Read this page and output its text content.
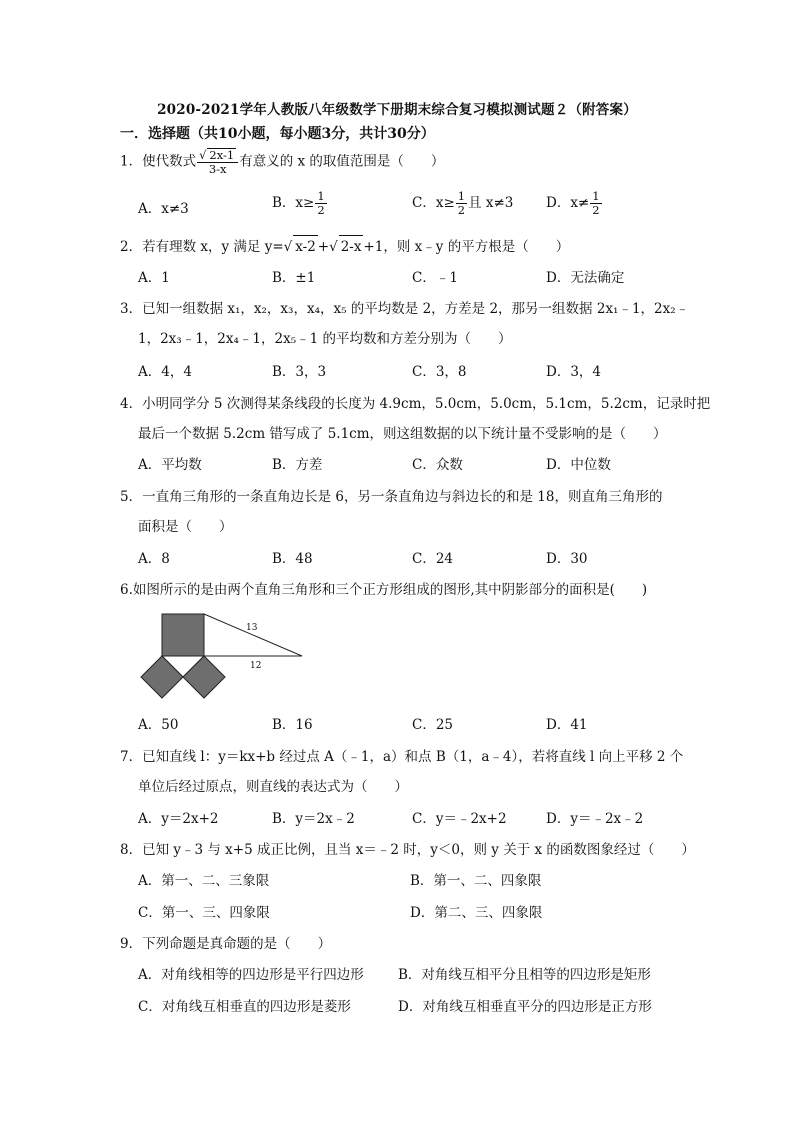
2020-2021学年人教版八年级数学下册期末综合复习模拟测试题２（附答案）
一．选择题（共10小题，每小题3分，共计30分）
1．使代数式 $\frac{√ 2x-1}{3-x}$ 有意义的 x 的取值范围是（　　）
A．x≠3	B．$x\ge \frac{1}{2}$	C．$x\ge \frac{1}{2}$ 且 x≠3 D．$x\ne \frac{1}{2}$
2．若有理数 x，y 满足 y=√ x-2 +√ 2-x +1，则 x﹣y 的平方根是（　　）
A．1	B．±1	C．﹣1	D．无法确定
3．已知一组数据 x₁，x₂，x₃，x₄，x₅ 的平均数是 2，方差是 2，那另一组数据 2x₁﹣1，2x₂﹣
1，2x₃﹣1，2x₄﹣1，2x₅﹣1 的平均数和方差分别为（　　）
A．4，4	B．3，3	C．3，8	D．3，4
4．小明同学分 5 次测得某条线段的长度为 4.9cm，5.0cm，5.0cm，5.1cm，5.2cm，记录时把
最后一个数据 5.2cm 错写成了 5.1cm，则这组数据的以下统计量不受影响的是（　　）
A．平均数	B．方差	C．众数	D．中位数
5．一直角三角形的一条直角边长是 6，另一条直角边与斜边长的和是 18，则直角三角形的
面积是（　　）
A．8	B．48	C．24	D．30
6.如图所示的是由两个直角三角形和三个正方形组成的图形,其中阴影部分的面积是(　　)
13
12
A．50	B．16	C．25	D．41
7．已知直线 l：y＝kx+b 经过点 A（﹣1，a）和点 B（1，a﹣4），若将直线 l 向上平移 2 个
单位后经过原点，则直线的表达式为（　　）
A．y＝2x+2	B．y＝2x﹣2	C．y＝﹣2x+2	D．y＝﹣2x﹣2
8．已知 y﹣3 与 x+5 成正比例，且当 x＝﹣2 时，y＜0，则 y 关于 x 的函数图象经过（　　）
A．第一、二、三象限	B．第一、二、四象限
C．第一、三、四象限	D．第二、三、四象限
9．下列命题是真命题的是（　　）
A．对角线相等的四边形是平行四边形	B．对角线互相平分且相等的四边形是矩形
C．对角线互相垂直的四边形是菱形	D．对角线互相垂直平分的四边形是正方形
